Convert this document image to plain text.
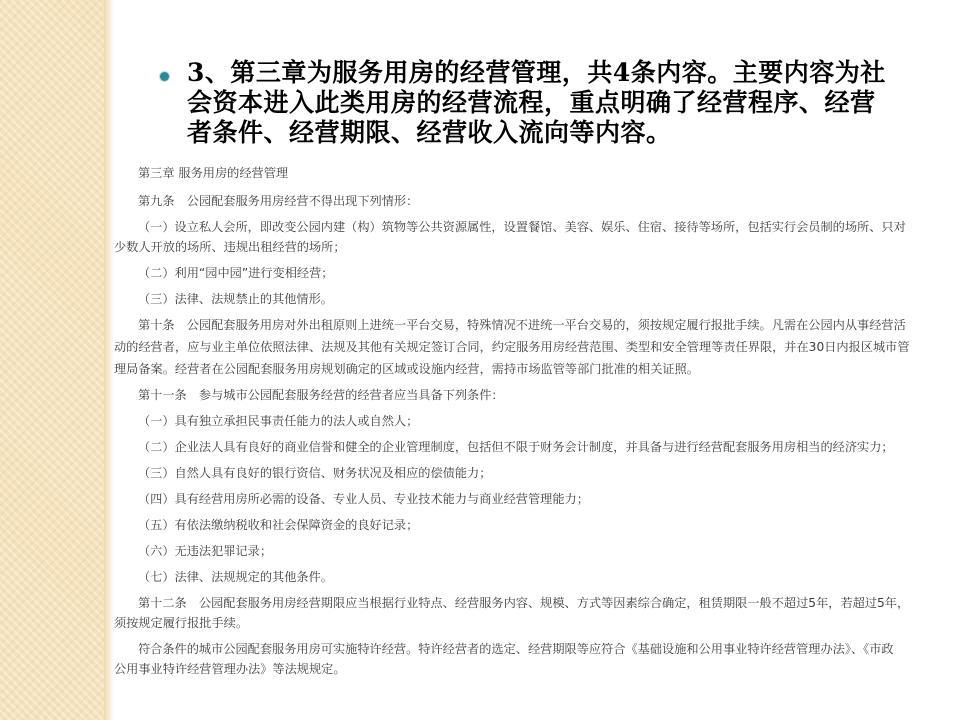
3、第三章为服务用房的经营管理，共4条内容。主要内容为社
会资本进入此类用房的经营流程，重点明确了经营程序、经营
者条件、经营期限、经营收入流向等内容。

第三章 服务用房的经营管理

第九条　公园配套服务用房经营不得出现下列情形：

（一）设立私人会所，即改变公园内建（构）筑物等公共资源属性，设置餐馆、美容、娱乐、住宿、接待等场所，包括实行会员制的场所、只对

少数人开放的场所、违规出租经营的场所；

（二）利用“园中园”进行变相经营；

（三）法律、法规禁止的其他情形。

第十条　公园配套服务用房对外出租原则上进统一平台交易，特殊情况不进统一平台交易的，须按规定履行报批手续。凡需在公园内从事经营活

动的经营者，应与业主单位依照法律、法规及其他有关规定签订合同，约定服务用房经营范围、类型和安全管理等责任界限，并在30日内报区城市管

理局备案。经营者在公园配套服务用房规划确定的区域或设施内经营，需持市场监管等部门批准的相关证照。

第十一条　参与城市公园配套服务经营的经营者应当具备下列条件：

（一）具有独立承担民事责任能力的法人或自然人；

（二）企业法人具有良好的商业信誉和健全的企业管理制度，包括但不限于财务会计制度，并具备与进行经营配套服务用房相当的经济实力；

（三）自然人具有良好的银行资信、财务状况及相应的偿债能力；

（四）具有经营用房所必需的设备、专业人员、专业技术能力与商业经营管理能力；

（五）有依法缴纳税收和社会保障资金的良好记录；

（六）无违法犯罪记录；

（七）法律、法规规定的其他条件。

第十二条　公园配套服务用房经营期限应当根据行业特点、经营服务内容、规模、方式等因素综合确定，租赁期限一般不超过5年，若超过5年，

须按规定履行报批手续。

符合条件的城市公园配套服务用房可实施特许经营。特许经营者的选定、经营期限等应符合《基础设施和公用事业特许经营管理办法》、《市政

公用事业特许经营管理办法》等法规规定。
